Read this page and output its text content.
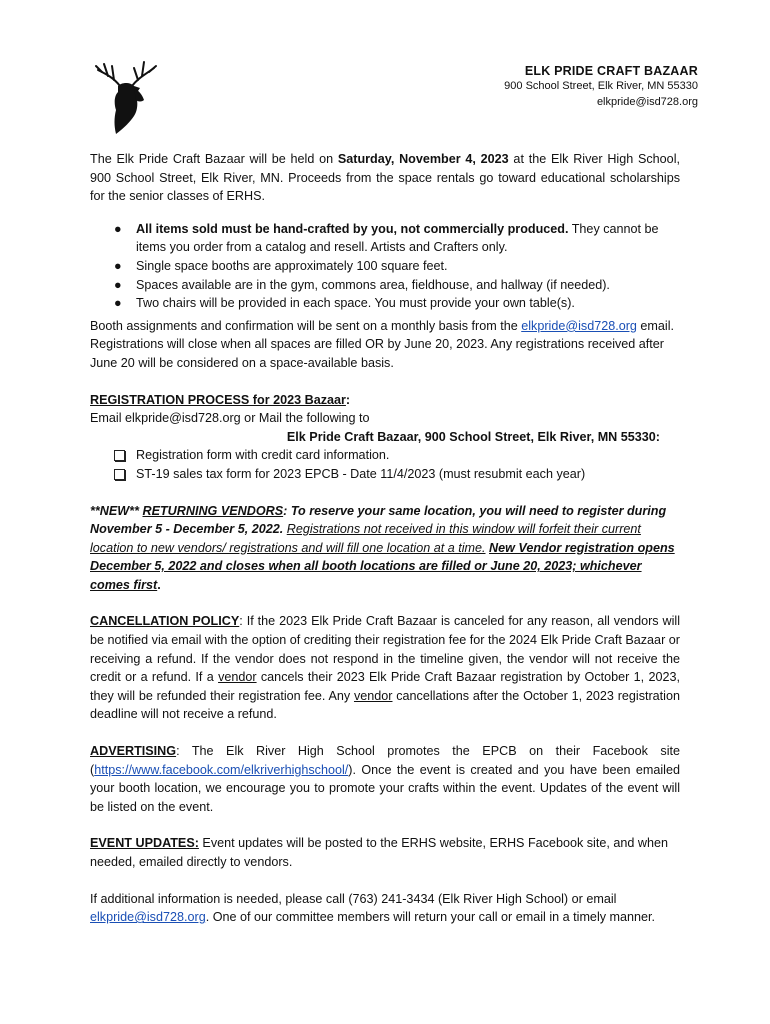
ELK PRIDE CRAFT BAZAAR
900 School Street, Elk River, MN 55330
elkpride@isd728.org

The Elk Pride Craft Bazaar will be held on Saturday, November 4, 2023 at the Elk River High School, 900 School Street, Elk River, MN. Proceeds from the space rentals go toward educational scholarships for the senior classes of ERHS.

● All items sold must be hand-crafted by you, not commercially produced. They cannot be items you order from a catalog and resell. Artists and Crafters only.
● Single space booths are approximately 100 square feet.
● Spaces available are in the gym, commons area, fieldhouse, and hallway (if needed).
● Two chairs will be provided in each space. You must provide your own table(s).

Booth assignments and confirmation will be sent on a monthly basis from the elkpride@isd728.org email. Registrations will close when all spaces are filled OR by June 20, 2023. Any registrations received after June 20 will be considered on a space-available basis.

REGISTRATION PROCESS for 2023 Bazaar:

Email elkpride@isd728.org or Mail the following to

Elk Pride Craft Bazaar, 900 School Street, Elk River, MN 55330:

Registration form with credit card information.
ST-19 sales tax form for 2023 EPCB - Date 11/4/2023 (must resubmit each year)

**NEW** RETURNING VENDORS: To reserve your same location, you will need to register during November 5 - December 5, 2022. Registrations not received in this window will forfeit their current location to new vendors/ registrations and will fill one location at a time. New Vendor registration opens December 5, 2022 and closes when all booth locations are filled or June 20, 2023; whichever comes first.

CANCELLATION POLICY: If the 2023 Elk Pride Craft Bazaar is canceled for any reason, all vendors will be notified via email with the option of crediting their registration fee for the 2024 Elk Pride Craft Bazaar or receiving a refund. If the vendor does not respond in the timeline given, the vendor will not receive the credit or a refund. If a vendor cancels their 2023 Elk Pride Craft Bazaar registration by October 1, 2023, they will be refunded their registration fee. Any vendor cancellations after the October 1, 2023 registration deadline will not receive a refund.

ADVERTISING: The Elk River High School promotes the EPCB on their Facebook site (https://www.facebook.com/elkriverhighschool/). Once the event is created and you have been emailed your booth location, we encourage you to promote your crafts within the event. Updates of the event will be listed on the event.

EVENT UPDATES: Event updates will be posted to the ERHS website, ERHS Facebook site, and when needed, emailed directly to vendors.

If additional information is needed, please call (763) 241-3434 (Elk River High School) or email elkpride@isd728.org. One of our committee members will return your call or email in a timely manner.
